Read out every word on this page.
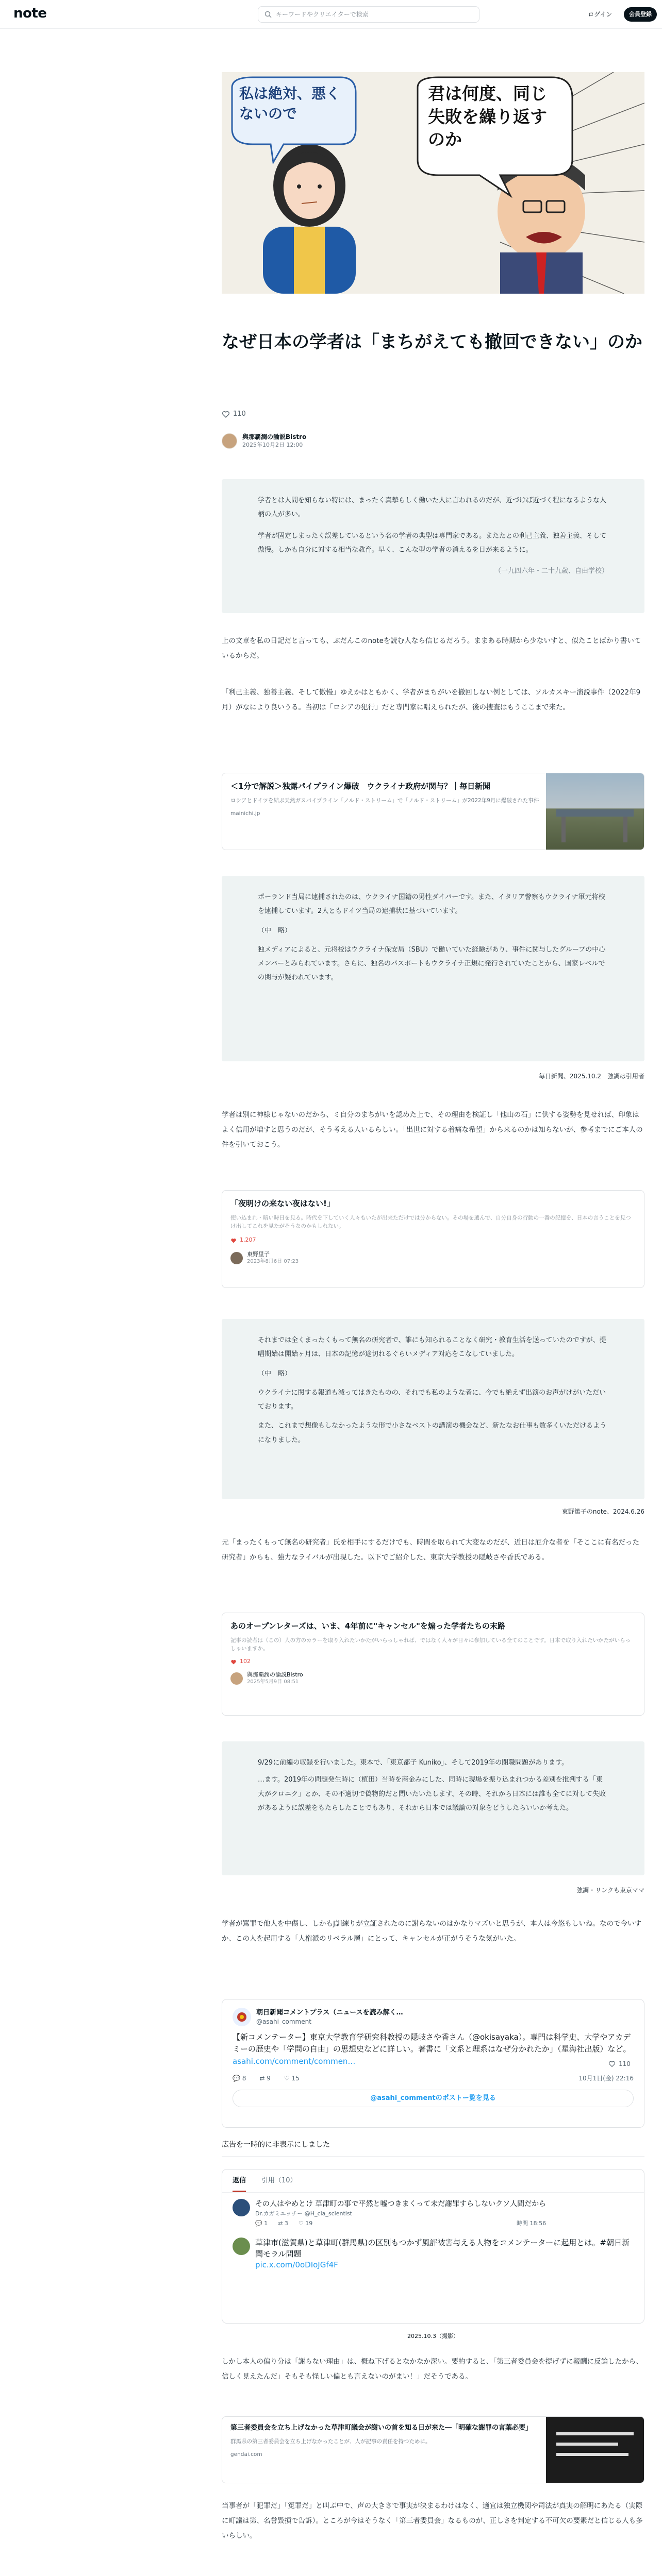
note	キーワードやクリエイターで検索	ログイン	会員登録
私は絶対、悪くないので
君は何度、同じ失敗を繰り返すのか
なぜ日本の学者は「まちがえても撤回できない」のか
110
與那覇潤の論説Bistro
2025年10月2日 12:00

学者とは人間を知らない特には、まったく真摯らしく働いた人に言われるのだが、近づけば近づく程になるような人柄の人が多い。

学者が固定しまったく誤差しているという名の学者の典型は専門家である。またたとの利己主義、独善主義、そして傲慢。しかも自分に対する相当な教育。早く、こんな型の学者の消えるを日が来るように。

（一九四六年・二十九歳、自由学校）

上の文章を私の日記だと言っても、ぷだんこのnoteを読む人なら信じるだろう。ままある時期から少ないすと、似たことばかり書いているからだ。
「利己主義、独善主義、そして傲慢」ゆえかはともかく、学者がまちがいを撤回しない例としては、ソルカスキー演説事件（2022年9月）がなにより良いうる。当初は「ロシアの犯行」だと専門家に唱えられたが、後の捜査はもうここまで来た。
＜1分で解説＞独露パイプライン爆破　ウクライナ政府が関与？｜毎日新聞
ロシアとドイツを結ぶ天然ガスパイプライン「ノルド・ストリーム」で「ノルド・ストリーム」が2022年9月に爆破された事件
mainichi.jp

ポーランド当局に逮捕されたのは、ウクライナ国籍の男性ダイバーです。また、イタリア警察もウクライナ軍元将校を逮捕しています。2人ともドイツ当局の逮捕状に基づいています。

（中　略）

独メディアによると、元将校はウクライナ保安局（SBU）で働いていた経験があり、事件に関与したグループの中心メンバーとみられています。さらに、独名のパスポートもウクライナ正規に発行されていたことから、国家レベルでの関与が疑われています。

毎日新聞、2025.10.2　強調は引用者
学者は別に神様じゃないのだから、ミ自分のまちがいを認めた上で、その理由を検証し「他山の石」に供する姿勢を見せれば、印象はよく信用が増すと思うのだが、そう考える人いるらしい。「出世に対する着痛な希望」から来るのかは知らないが、参考までにご本人の件を引いておこう。
「夜明けの来ない夜はない!」
使い込まれ・暗い時日を見る。時代を下していく人々もいたが出来ただけでは分からない。その場を選んで、自分自身の行動の一番の記憶を、日本の言うことを見つけ出してこれを見たがそうなのかもしれない。
1,207
東野里子
2023年8月6日 07:23

それまでは全くまったくもって無名の研究者で、誰にも知られることなく研究・教育生活を送っていたのですが、提唱期始は開始ヶ月は、日本の記憶が途切れるぐらいメディア対応をこなしていました。

（中　略）

ウクライナに関する報道も減ってはきたものの、それでも私のような者に、今でも絶えず出演のお声がけがいただいております。

また、これまで想像もしなかったような形で小さなベストの講演の機会など、新たなお仕事も数多くいただけるようになりました。

東野篤子のnote、2024.6.26
元「まったくもって無名の研究者」氏を相手にするだけでも、時間を取られて大変なのだが、近日は厄介な者を「そここに有名だった研究者」からも、強力なライバルが出現した。以下でご紹介した、東京大学教授の隠岐さや香氏である。
あのオープンレターズは、いま、4年前に"キャンセル"を煽った学者たちの末路
記事の読者は（この）人の方のカラーを取り入れたいかたがいらっしゃれば、ではなく人々が日々に参加している全てのことです。日本で取り入れたいかたがいらっしゃいますか。
102
與那覇潤の論説Bistro
2025年5月9日 08:51

9/29に前編の収録を行いました。東本で、「東京都子 Kuniko」、そして2019年の閉職問題があります。

…ます。2019年の問題発生時に（植田）当時を商金みにした、同時に現場を振り込まれつかる差別を批判する「東大がクロニク」とか、その不適切で偽物的だと問いたいたします、その時、それから日本には誰も全てに対して失敗があるように誤差をもたらしたことでもあり、それから日本では議論の対象をどうしたらいいか考えた。

強調・リンクも東京ママ
学者が罵罪で他人を中傷し、しかもJ訓練りが立証されたのに謝らないのはかなりマズいと思うが、本人は今悠もしいね。なので今いすか、この人を起用する「人権派のリベラル層」にとって、キャンセルが正がうそうな気がいた。
朝日新聞コメントプラス（ニュースを読み解く…
@asahi_comment
【新コメンテーター】東京大学教育学研究科教授の隠岐さや香さん（@okisayaka）。専門は科学史、大学やアカデミーの歴史や「学問の自由」の思想史などに詳しい。著書に「文系と理系はなぜ分かれたか」（星海社出版）など。
asahi.com/comment/commen…
💬 8 ⇄ 9 ♡ 15	10月1日(金) 22:16
@asahi_commentのポストー覧を見る
110
広告を一時的に非表示にしました
返信 引用（10）
その人はやめとけ 草津町の事で平然と嘘つきまくって未だ謝罪すらしないクソ人間だから
Dr.カガミエッチー @H_cia_scientist
💬 1 ⇄ 3 ♡ 19	時間 18:56
草津市(滋賀県)と草津町(群馬県)の区別もつかず風評被害与える人物をコメンテーターに起用とは。#朝日新聞モラル問題
pic.x.com/0oDIoJGf4F
2025.10.3（撮影）
しかし本人の偏り分は「謝らない理由」は、概ね下げるとなかなか深い。要約すると、「第三者委員会を提げずに報酬に反論したから、信しく見えたんだ」そもそも怪しい偏とも言えないのがまい！」だそうである。
第三者委員会を立ち上げなかった草津町議会が謝いの首を知る日が来た―「明確な謝罪の言葉必要」
群馬県の第三者委員会を立ち上げなかったことが、人が記事の責任を持つために。
gendai.com
当事者が「犯罪だ」「冤罪だ」と叫ぶ中で、声の大きさで事実が決まるわけはなく、適宜は独立機関や司法が真実の解明にあたる（実際に町議は第、名誉毀損で告訴）。ところが今はそうなく「第三者委員会」なるものが、正しさを判定する不可欠の要素だと信じる人も多いらしい。
